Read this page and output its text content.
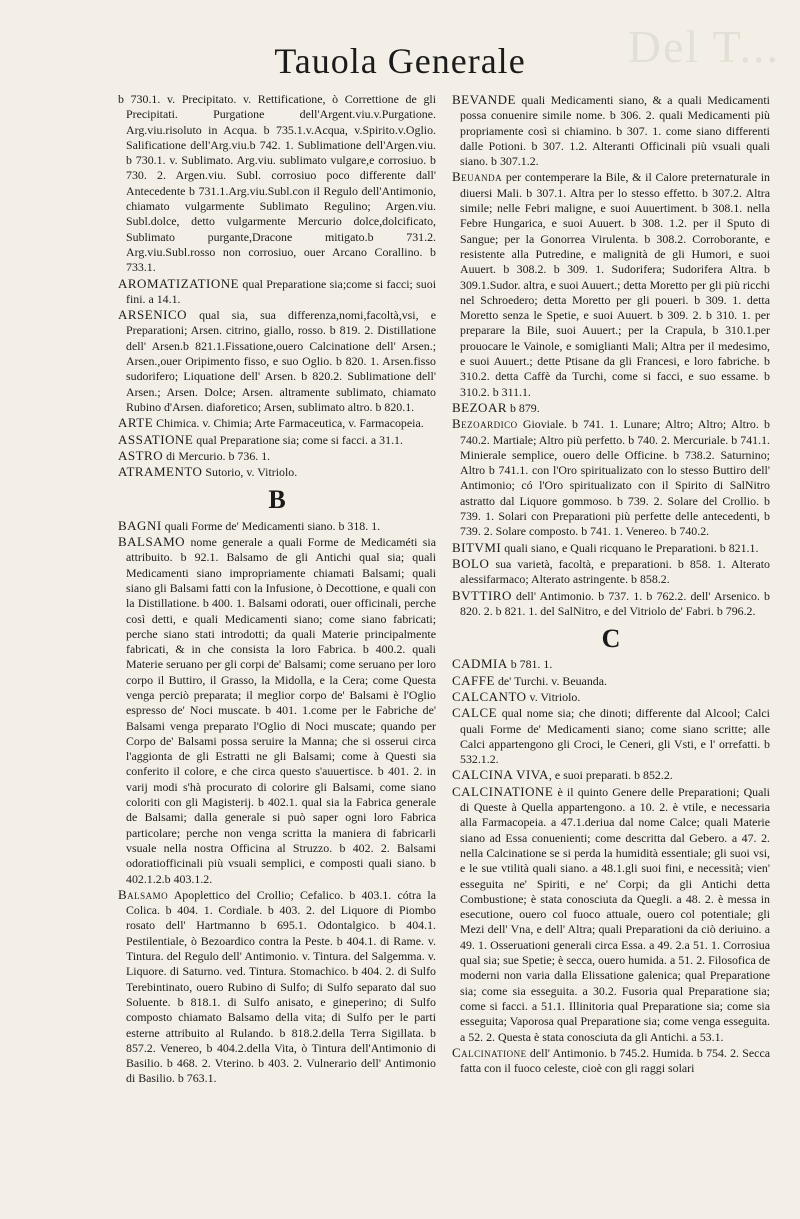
Del T...
Tauola Generale

b 730.1. v. Precipitato. v. Rettificatione, ò Correttione de gli Precipitati. Purgatione dell'Argent.viu.v.Purgatione. Arg.viu.risoluto in Acqua. b 735.1.v.Acqua, v.Spirito.v.Oglio. Salificatione dell'Arg.viu.b 742. 1. Sublimatione dell'Argen.viu. b 730.1. v. Sublimato. Arg.viu. sublimato vulgare,e corrosiuo. b 730. 2. Argen.viu. Subl. corrosiuo poco differente dall' Antecedente b 731.1.Arg.viu.Subl.con il Regulo dell'Antimonio, chiamato vulgarmente Sublimato Regulino; Argen.viu. Subl.dolce, detto vulgarmente Mercurio dolce,dolcificato, Sublimato purgante,Dracone mitigato.b 731.2. Arg.viu.Subl.rosso non corrosiuo, ouer Arcano Corallino. b 733.1.

AROMATIZATIONE qual Preparatione sia;come si facci; suoi fini. a 14.1.

ARSENICO qual sia, sua differenza,nomi,facoltà,vsi, e Preparationi; Arsen. citrino, giallo, rosso. b 819. 2. Distillatione dell' Arsen.b 821.1.Fissatione,ouero Calcinatione dell' Arsen.; Arsen.,ouer Oripimento fisso, e suo Oglio. b 820. 1. Arsen.fisso sudorifero; Liquatione dell' Arsen. b 820.2. Sublimatione dell' Arsen.; Arsen. Dolce; Arsen. altramente sublimato, chiamato Rubino d'Arsen. diaforetico; Arsen, sublimato altro. b 820.1.

ARTE Chimica. v. Chimia; Arte Farmaceutica, v. Farmacopeia.

ASSATIONE qual Preparatione sia; come si facci. a 31.1.

ASTRO di Mercurio. b 736. 1.

ATRAMENTO Sutorio, v. Vitriolo.

B

BAGNI quali Forme de' Medicamenti siano. b 318. 1.

BALSAMO nome generale a quali Forme de Medicaméti sia attribuito. b 92.1. Balsamo de gli Antichi qual sia; quali Medicamenti siano impropriamente chiamati Balsami; quali siano gli Balsami fatti con la Infusione, ò Decottione, e quali con la Distillatione. b 400. 1. Balsami odorati, ouer officinali, perche così detti, e quali Medicamenti siano; come siano fabricati; perche siano stati introdotti; da quali Materie principalmente fabricati, & in che consista la loro Fabrica. b 400.2. quali Materie seruano per gli corpi de' Balsami; come seruano per loro corpo il Buttiro, il Grasso, la Midolla, e la Cera; come Questa venga perciò preparata; il meglior corpo de' Balsami è l'Oglio espresso de' Noci muscate. b 401. 1.come per le Fabriche de' Balsami venga preparato l'Oglio di Noci muscate; quando per Corpo de' Balsami possa seruire la Manna; che si osserui circa l'aggionta de gli Estratti ne gli Balsami; come à Questi sia conferito il colore, e che circa questo s'auuertisce. b 401. 2. in varij modi s'hà procurato di colorire gli Balsami, come siano coloriti con gli Magisterij. b 402.1. qual sia la Fabrica generale de Balsami; dalla generale si può saper ogni loro Fabrica particolare; perche non venga scritta la maniera di fabricarli vsuale nella nostra Officina al Struzzo. b 402. 2. Balsami odoratiofficinali più vsuali semplici, e composti quali siano. b 402.1.2.b 403.1.2.

Balsamo Apoplettico del Crollio; Cefalico. b 403.1. cótra la Colica. b 404. 1. Cordiale. b 403. 2. del Liquore di Piombo rosato dell' Hartmanno b 695.1. Odontalgico. b 404.1. Pestilentiale, ò Bezoardico contra la Peste. b 404.1. di Rame. v. Tintura. del Regulo dell' Antimonio. v. Tintura. del Salgemma. v. Liquore. di Saturno. ved. Tintura. Stomachico. b 404. 2. di Sulfo Terebintinato, ouero Rubino di Sulfo; di Sulfo separato dal suo Soluente. b 818.1. di Sulfo anisato, e gineperino; di Sulfo composto chiamato Balsamo della vita; di Sulfo per le parti esterne attribuito al Rulando. b 818.2.della Terra Sigillata. b 857.2. Venereo, b 404.2.della Vita, ò Tintura dell'Antimonio di Basilio. b 468. 2. Vterino. b 403. 2. Vulnerario dell' Antimonio di Basilio. b 763.1.

BEVANDE quali Medicamenti siano, & a quali Medicamenti possa conuenire simile nome. b 306. 2. quali Medicamenti più propriamente così si chiamino. b 307. 1. come siano differenti dalle Potioni. b 307. 1.2. Alteranti Officinali più vsuali quali siano. b 307.1.2.

Beuanda per contemperare la Bile, & il Calore preternaturale in diuersi Mali. b 307.1. Altra per lo stesso effetto. b 307.2. Altra simile; nelle Febri maligne, e suoi Auuertiment. b 308.1. nella Febre Hungarica, e suoi Auuert. b 308. 1.2. per il Sputo di Sangue; per la Gonorrea Virulenta. b 308.2. Corroborante, e resistente alla Putredine, e malignità de gli Humori, e suoi Auuert. b 308.2. b 309. 1. Sudorifera; Sudorifera Altra. b 309.1.Sudor. altra, e suoi Auuert.; detta Moretto per gli più ricchi nel Schroedero; detta Moretto per gli poueri. b 309. 1. detta Moretto senza le Spetie, e suoi Auuert. b 309. 2. b 310. 1. per preparare la Bile, suoi Auuert.; per la Crapula, b 310.1.per prouocare le Vainole, e somiglianti Mali; Altra per il medesimo, e suoi Auuert.; dette Ptisane da gli Francesi, e loro fabriche. b 310.2. detta Caffè da Turchi, come si facci, e suo essame. b 310.2. b 311.1.

BEZOAR b 879.

Bezoardico Gioviale. b 741. 1. Lunare; Altro; Altro; Altro. b 740.2. Martiale; Altro più perfetto. b 740. 2. Mercuriale. b 741.1. Minierale semplice, ouero delle Officine. b 738.2. Saturnino; Altro b 741.1. con l'Oro spiritualizato con lo stesso Buttiro dell' Antimonio; có l'Oro spiritualizato con il Spirito di SalNitro astratto dal Liquore gommoso. b 739. 2. Solare del Crollio. b 739. 1. Solari con Preparationi più perfette delle antecedenti, b 739. 2. Solare composto. b 741. 1. Venereo. b 740.2.

BITVMI quali siano, e Quali ricquano le Preparationi. b 821.1.

BOLO sua varietà, facoltà, e preparationi. b 858. 1. Alterato alessifarmaco; Alterato astringente. b 858.2.

BVTTIRO dell' Antimonio. b 737. 1. b 762.2. dell' Arsenico. b 820. 2. b 821. 1. del SalNitro, e del Vitriolo de' Fabri. b 796.2.

C

CADMIA b 781. 1.

CAFFE de' Turchi. v. Beuanda.

CALCANTO v. Vitriolo.

CALCE qual nome sia; che dinoti; differente dal Alcool; Calci quali Forme de' Medicamenti siano; come siano scritte; alle Calci appartengono gli Croci, le Ceneri, gli Vsti, e l' orrefatti. b 532.1.2.

CALCINA VIVA, e suoi preparati. b 852.2.

CALCINATIONE è il quinto Genere delle Preparationi; Quali di Queste à Quella appartengono. a 10. 2. è vtile, e necessaria alla Farmacopeia. a 47.1.deriua dal nome Calce; quali Materie siano ad Essa conuenienti; come descritta dal Gebero. a 47. 2. nella Calcinatione se si perda la humidità essentiale; gli suoi vsi, e le sue vtilità quali siano. a 48.1.gli suoi fini, e necessità; vien' esseguita ne' Spiriti, e ne' Corpi; da gli Antichi detta Combustione; è stata conosciuta da Quegli. a 48. 2. è messa in esecutione, ouero col fuoco attuale, ouero col potentiale; gli Mezi dell' Vna, e dell' Altra; quali Preparationi da ciò deriuino. a 49. 1. Osseruationi generali circa Essa. a 49. 2.a 51. 1. Corrosiua qual sia; sue Spetie; è secca, ouero humida. a 51. 2. Filosofica de moderni non varia dalla Elissatione galenica; qual Preparatione sia; come sia esseguita. a 30.2. Fusoria qual Preparatione sia; come si facci. a 51.1. Illinitoria qual Preparatione sia; come sia esseguita; Vaporosa qual Preparatione sia; come venga esseguita. a 52. 2. Questa è stata conosciuta da gli Antichi. a 53.1.

Calcinatione dell' Antimonio. b 745.2. Humida. b 754. 2. Secca fatta con il fuoco celeste, cioè con gli raggi solari
